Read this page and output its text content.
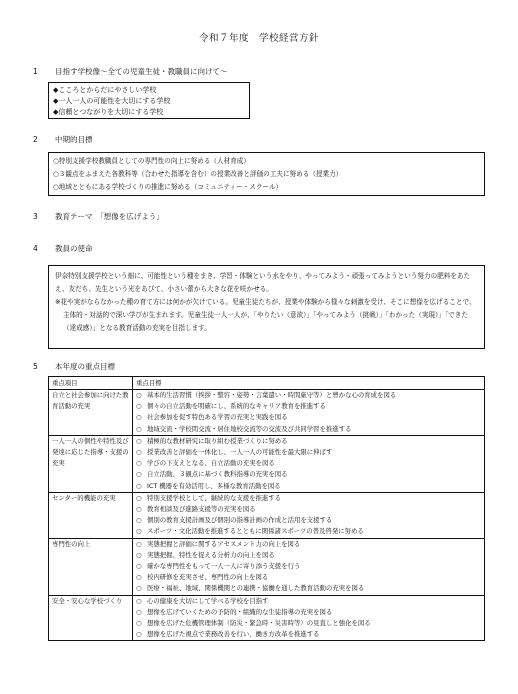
令和７年度　学校経営方針
1 目指す学校像〜全ての児童生徒・教職員に向けて〜
◆こころとからだにやさしい学校
◆一人一人の可能性を大切にする学校
◆信頼とつながりを大切にする学校
2 中期的目標
○特別支援学校教職員としての専門性の向上に努める（人材育成）
○３観点をふまえた各教科等（合わせた指導を含む）の授業改善と評価の工夫に努める（授業力）
○地域とともにある学校づくりの推進に努める（コミュニティー・スクール）
3 教育テーマ　「想像を広げよう」
4 教員の使命

伊奈特別支援学校という畑に、可能性という種をまき、学習・体験という水をやり、やってみよう・頑張ってみようという努力の肥料をあたえ、友だち、先生という光をあびて、小さい蕾から大きな花を咲かせる。

※花や実がならなかった種の育て方には何かが欠けている。児童生徒たちが、授業や体験から様々な刺激を受け、そこに想像を広げることで、主体的・対話的で深い学びが生まれます。児童生徒一人一人が、「やりたい（意欲）」「やってみよう（挑戦）」「わかった（実現）」「できた（達成感）」となる教育活動の充実を目指します。

5 本年度の重点目標
重点項目	重点目標
自立と社会参加に向けた教育活動の充実	○ 基本的生活習慣（挨拶・整容・姿勢・言葉遣い・時間厳守等）と豊かな心の育成を図る
○ 個々の自立活動を明確にし、系統的なキャリア教育を推進する
○ 社会参加を促す特色ある学習の充実と実践を図る
○ 地域交流・学校間交流・居住地校交流等の交流及び共同学習を推進する

一人一人の個性や特性及び発達に応じた指導・支援の充実	○ 積極的な教材研究に取り組む授業づくりに努める
○ 授業改善と評価を一体化し、一人一人の可能性を最大限に伸ばす
○ 学びの下支えとなる、自立活動の充実を図る
○ 自立活動、３観点に基づく教科指導の充実を図る
○ ICT 機器を有効活用し、多様な教育活動を図る

センター的機能の充実	○ 特別支援学校として、継続的な支援を推進する
○ 教育相談及び進路支援等の充実を図る
○ 個別の教育支援計画及び個別の指導計画の作成と活用を支援する
○ スポーツ・文化活動を推進するとともに関係諸スポーツの普及啓発に努める

専門性の向上	○ 実態把握と評価に関するアセスメント力の向上を図る
○ 実態把握、特性を捉える分析力の向上を図る
○ 確かな専門性をもって一人一人に寄り添う支援を行う
○ 校内研修を充実させ、専門性の向上を図る
○ 医療・福祉、地域、関係機関との連携・協働を通した教育活動の充実を図る

安全・安心な学校づくり	○ 心の健康を大切にして学べる学校を目指す
○ 想像を広げていくための予防的・組織的な生徒指導の充実を図る
○ 想像を広げた危機管理体制（防災・緊急時・災害時等）の見直しと強化を図る
○ 想像を広げた視点で業務改善を行い、働き方改革を推進する
